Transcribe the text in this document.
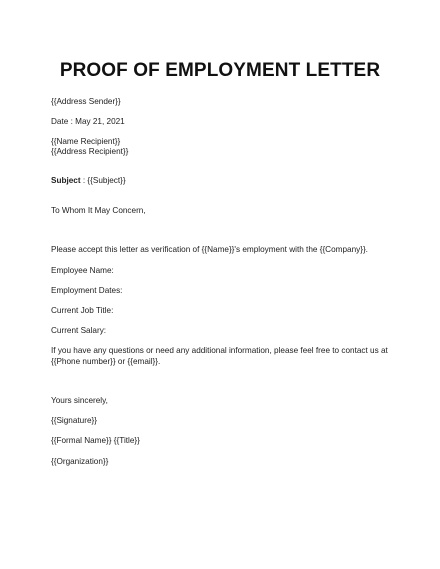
PROOF OF EMPLOYMENT LETTER
{{Address Sender}}
Date : May 21, 2021
{{Name Recipient}}
{{Address Recipient}}
Subject : {{Subject}}
To Whom It May Concern,
Please accept this letter as verification of {{Name}}'s employment with the {{Company}}.
Employee Name:
Employment Dates:
Current Job Title:
Current Salary:
If you have any questions or need any additional information, please feel free to contact us at {{Phone number}} or {{email}}.
Yours sincerely,
{{Signature}}
{{Formal Name}} {{Title}}
{{Organization}}
